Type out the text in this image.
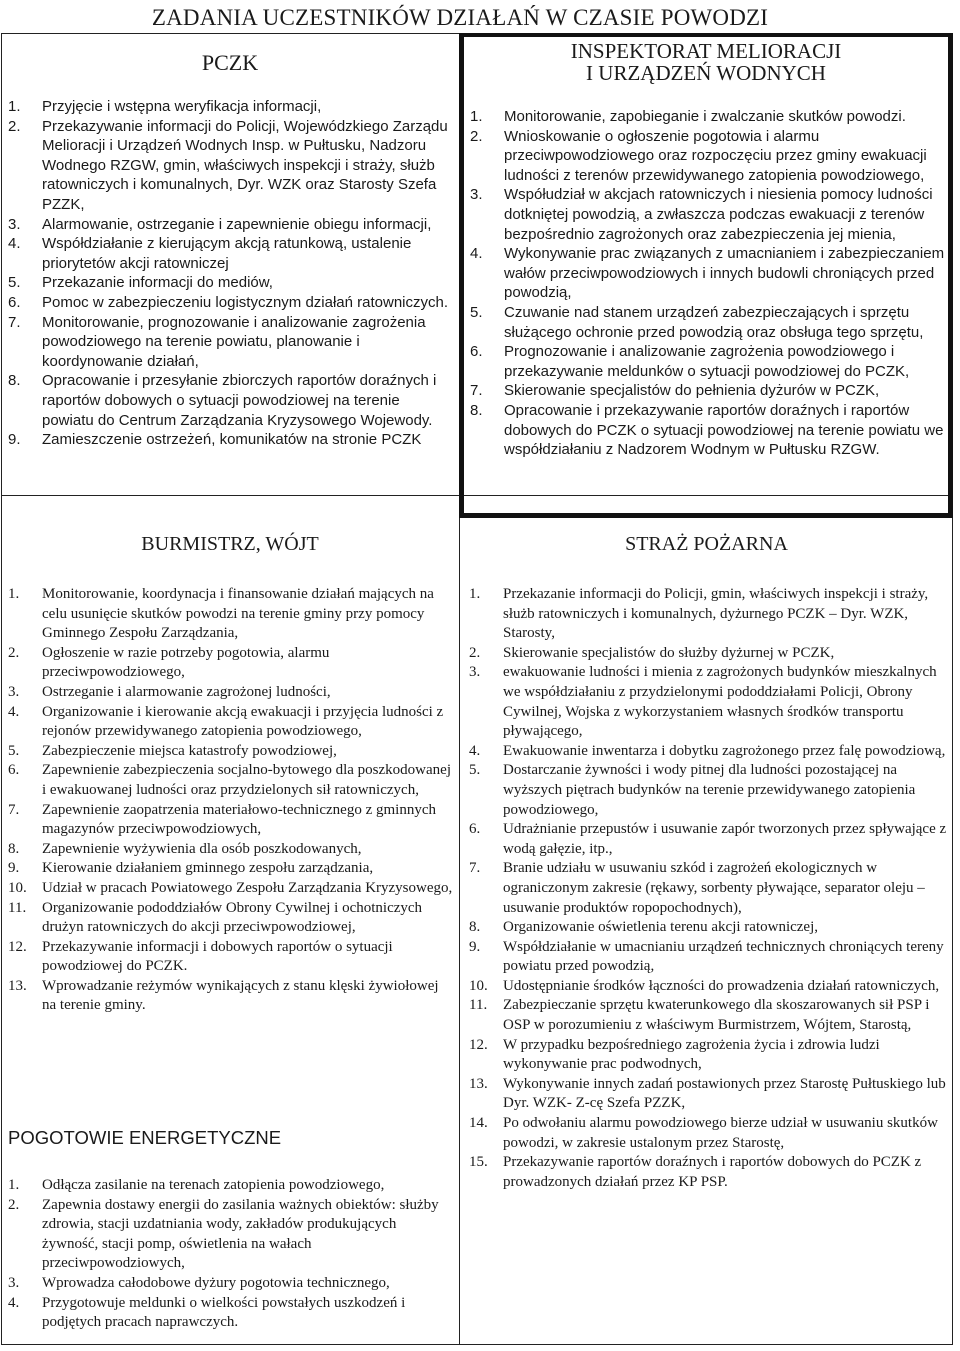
ZADANIA UCZESTNIKÓW DZIAŁAŃ W CZASIE POWODZI
PCZK
1. Przyjęcie i wstępna weryfikacja informacji,
2. Przekazywanie informacji do Policji, Wojewódzkiego Zarządu Melioracji i Urządzeń Wodnych Insp. w Pułtusku, Nadzoru Wodnego RZGW, gmin, właściwych inspekcji i straży, służb ratowniczych i komunalnych, Dyr. WZK oraz Starosty Szefa PZZK,
3. Alarmowanie, ostrzeganie i zapewnienie obiegu informacji,
4. Współdziałanie z kierującym akcją ratunkową, ustalenie priorytetów akcji ratowniczej
5. Przekazanie informacji do mediów,
6. Pomoc w zabezpieczeniu logistycznym działań ratowniczych.
7. Monitorowanie, prognozowanie i analizowanie zagrożenia powodziowego na terenie powiatu, planowanie i koordynowanie działań,
8. Opracowanie i przesyłanie zbiorczych raportów doraźnych i raportów dobowych o sytuacji powodziowej na terenie powiatu do Centrum Zarządzania Kryzysowego Wojewody.
9. Zamieszczenie ostrzeżeń, komunikatów na stronie PCZK
INSPEKTORAT MELIORACJI
I URZĄDZEŃ WODNYCH
1. Monitorowanie, zapobieganie i zwalczanie skutków powodzi.
2. Wnioskowanie o ogłoszenie pogotowia i alarmu przeciwpowodziowego oraz rozpoczęciu przez gminy ewakuacji ludności z terenów przewidywanego zatopienia powodziowego,
3. Współudział w akcjach ratowniczych i niesienia pomocy ludności dotkniętej powodzią, a zwłaszcza podczas ewakuacji z terenów bezpośrednio zagrożonych oraz zabezpieczenia jej mienia,
4. Wykonywanie prac związanych z umacnianiem i zabezpieczaniem wałów przeciwpowodziowych i innych budowli chroniących przed powodzią,
5. Czuwanie nad stanem urządzeń zabezpieczających i sprzętu służącego ochronie przed powodzią oraz obsługa tego sprzętu,
6. Prognozowanie i analizowanie zagrożenia powodziowego i przekazywanie meldunków o sytuacji powodziowej do PCZK,
7. Skierowanie specjalistów do pełnienia dyżurów w PCZK,
8. Opracowanie i przekazywanie raportów doraźnych i raportów dobowych do PCZK o sytuacji powodziowej na terenie powiatu we współdziałaniu z Nadzorem Wodnym w Pułtusku RZGW.
BURMISTRZ, WÓJT
1. Monitorowanie, koordynacja i finansowanie działań mających na celu usunięcie skutków powodzi na terenie gminy przy pomocy Gminnego Zespołu Zarządzania,
2. Ogłoszenie w razie potrzeby pogotowia, alarmu przeciwpowodziowego,
3. Ostrzeganie i alarmowanie zagrożonej ludności,
4. Organizowanie i kierowanie akcją ewakuacji i przyjęcia ludności z rejonów przewidywanego zatopienia powodziowego,
5. Zabezpieczenie miejsca katastrofy powodziowej,
6. Zapewnienie zabezpieczenia socjalno-bytowego dla poszkodowanej i ewakuowanej ludności oraz przydzielonych sił ratowniczych,
7. Zapewnienie zaopatrzenia materiałowo-technicznego z gminnych magazynów przeciwpowodziowych,
8. Zapewnienie wyżywienia dla osób poszkodowanych,
9. Kierowanie działaniem gminnego zespołu zarządzania,
10. Udział w pracach Powiatowego Zespołu Zarządzania Kryzysowego,
11. Organizowanie pododdziałów Obrony Cywilnej i ochotniczych drużyn ratowniczych do akcji przeciwpowodziowej,
12. Przekazywanie informacji i dobowych raportów o sytuacji powodziowej do PCZK.
13. Wprowadzanie reżymów wynikających z stanu klęski żywiołowej na terenie gminy.
POGOTOWIE ENERGETYCZNE
1. Odłącza zasilanie na terenach zatopienia powodziowego,
2. Zapewnia dostawy energii do zasilania ważnych obiektów: służby zdrowia, stacji uzdatniania wody, zakładów produkujących żywność, stacji pomp, oświetlenia na wałach przeciwpowodziowych,
3. Wprowadza całodobowe dyżury pogotowia technicznego,
4. Przygotowuje meldunki o wielkości powstałych uszkodzeń i podjętych pracach naprawczych.
STRAŻ POŻARNA
1. Przekazanie informacji do Policji, gmin, właściwych inspekcji i straży, służb ratowniczych i komunalnych, dyżurnego PCZK – Dyr. WZK, Starosty,
2. Skierowanie specjalistów do służby dyżurnej w PCZK,
3. ewakuowanie ludności i mienia z zagrożonych budynków mieszkalnych we współdziałaniu z przydzielonymi pododdziałami Policji, Obrony Cywilnej, Wojska z wykorzystaniem własnych środków transportu pływającego,
4. Ewakuowanie inwentarza i dobytku zagrożonego przez falę powodziową,
5. Dostarczanie żywności i wody pitnej dla ludności pozostającej na wyższych piętrach budynków na terenie przewidywanego zatopienia powodziowego,
6. Udrażnianie przepustów i usuwanie zapór tworzonych przez spływające z wodą gałęzie, itp.,
7. Branie udziału w usuwaniu szkód i zagrożeń ekologicznych w ograniczonym zakresie (rękawy, sorbenty pływające, separator oleju – usuwanie produktów ropopochodnych),
8. Organizowanie oświetlenia terenu akcji ratowniczej,
9. Współdziałanie w umacnianiu urządzeń technicznych chroniących tereny powiatu przed powodzią,
10. Udostępnianie środków łączności do prowadzenia działań ratowniczych,
11. Zabezpieczanie sprzętu kwaterunkowego dla skoszarowanych sił PSP i OSP w porozumieniu z właściwym Burmistrzem, Wójtem, Starostą,
12. W przypadku bezpośredniego zagrożenia życia i zdrowia ludzi wykonywanie prac podwodnych,
13. Wykonywanie innych zadań postawionych przez Starostę Pułtuskiego lub Dyr. WZK- Z-cę Szefa PZZK,
14. Po odwołaniu alarmu powodziowego bierze udział w usuwaniu skutków powodzi, w zakresie ustalonym przez Starostę,
15. Przekazywanie raportów doraźnych i raportów dobowych do PCZK z prowadzonych działań przez KP PSP.
